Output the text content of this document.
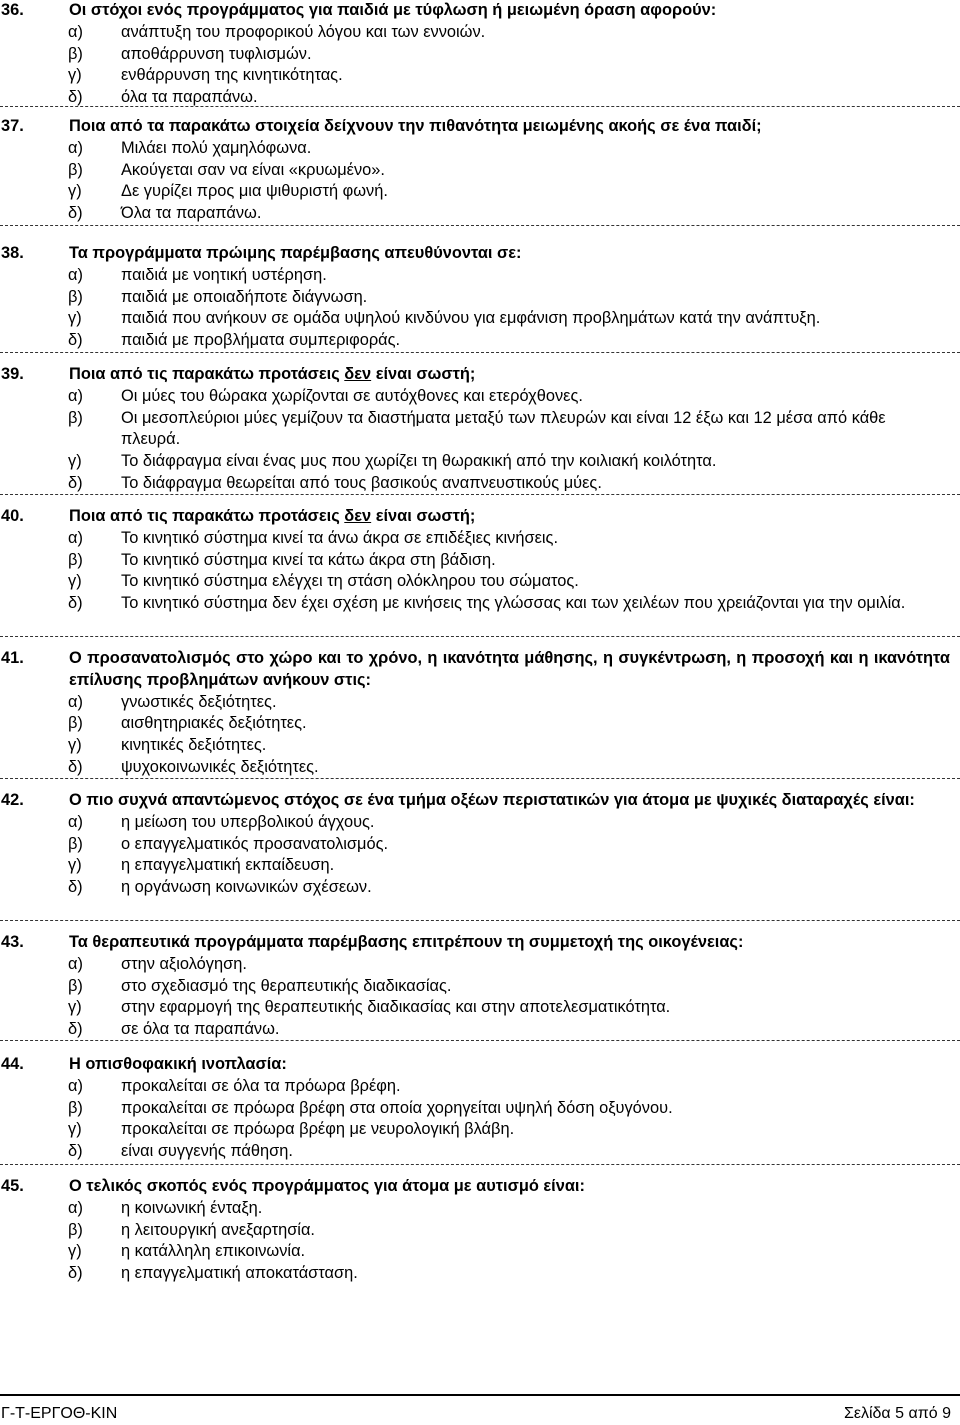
36.	Οι στόχοι ενός προγράμματος για παιδιά με τύφλωση ή μειωμένη όραση αφορούν:
α)	ανάπτυξη του προφορικού λόγου και των εννοιών.
β)	αποθάρρυνση τυφλισμών.
γ)	ενθάρρυνση της κινητικότητας.
δ)	όλα τα παραπάνω.
37.	Ποια από τα παρακάτω στοιχεία δείχνουν την πιθανότητα μειωμένης ακοής σε ένα παιδί;
α)	Μιλάει πολύ χαμηλόφωνα.
β)	Ακούγεται σαν να είναι «κρυωμένο».
γ)	Δε γυρίζει προς μια ψιθυριστή φωνή.
δ)	Όλα τα παραπάνω.
38.	Τα προγράμματα πρώιμης παρέμβασης απευθύνονται σε:
α)	παιδιά με νοητική υστέρηση.
β)	παιδιά με οποιαδήποτε διάγνωση.
γ)	παιδιά που ανήκουν σε ομάδα υψηλού κινδύνου για εμφάνιση προβλημάτων κατά την ανάπτυξη.
δ)	παιδιά με προβλήματα συμπεριφοράς.
39.	Ποια από τις παρακάτω προτάσεις δεν είναι σωστή;
α)	Οι μύες του θώρακα χωρίζονται σε αυτόχθονες και ετερόχθονες.
β)	Οι μεσοπλεύριοι μύες γεμίζουν τα διαστήματα μεταξύ των πλευρών και είναι 12 έξω και 12 μέσα από κάθε πλευρά.
γ)	Το διάφραγμα είναι ένας μυς που χωρίζει τη θωρακική από την κοιλιακή κοιλότητα.
δ)	Το διάφραγμα θεωρείται από τους βασικούς αναπνευστικούς μύες.
40.	Ποια από τις παρακάτω προτάσεις δεν είναι σωστή;
α)	Το κινητικό σύστημα κινεί τα άνω άκρα σε επιδέξιες κινήσεις.
β)	Το κινητικό σύστημα κινεί τα κάτω άκρα στη βάδιση.
γ)	Το κινητικό σύστημα ελέγχει τη στάση ολόκληρου του σώματος.
δ)	Το κινητικό σύστημα δεν έχει σχέση με κινήσεις της γλώσσας και των χειλέων που χρειάζονται για την ομιλία.
41.	Ο προσανατολισμός στο χώρο και το χρόνο, η ικανότητα μάθησης, η συγκέντρωση, η προσοχή και η ικανότητα επίλυσης προβλημάτων ανήκουν στις:
α)	γνωστικές δεξιότητες.
β)	αισθητηριακές δεξιότητες.
γ)	κινητικές δεξιότητες.
δ)	ψυχοκοινωνικές δεξιότητες.
42.	Ο πιο συχνά απαντώμενος στόχος σε ένα τμήμα οξέων περιστατικών για άτομα με ψυχικές διαταραχές είναι:
α)	η μείωση του υπερβολικού άγχους.
β)	ο επαγγελματικός προσανατολισμός.
γ)	η επαγγελματική εκπαίδευση.
δ)	η οργάνωση κοινωνικών σχέσεων.
43.	Τα θεραπευτικά προγράμματα παρέμβασης επιτρέπουν τη συμμετοχή της οικογένειας:
α)	στην αξιολόγηση.
β)	στο σχεδιασμό της θεραπευτικής διαδικασίας.
γ)	στην εφαρμογή της θεραπευτικής διαδικασίας και στην αποτελεσματικότητα.
δ)	σε όλα τα παραπάνω.
44.	Η οπισθοφακική ινοπλασία:
α)	προκαλείται σε όλα τα πρόωρα βρέφη.
β)	προκαλείται σε πρόωρα βρέφη στα οποία χορηγείται υψηλή δόση οξυγόνου.
γ)	προκαλείται σε πρόωρα βρέφη με νευρολογική βλάβη.
δ)	είναι συγγενής πάθηση.
45.	Ο τελικός σκοπός ενός προγράμματος για άτομα με αυτισμό είναι:
α)	η κοινωνική ένταξη.
β)	η λειτουργική ανεξαρτησία.
γ)	η κατάλληλη επικοινωνία.
δ)	η επαγγελματική αποκατάσταση.
Γ-Τ-ΕΡΓΟΘ-ΚΙΝ	Σελίδα 5 από 9
